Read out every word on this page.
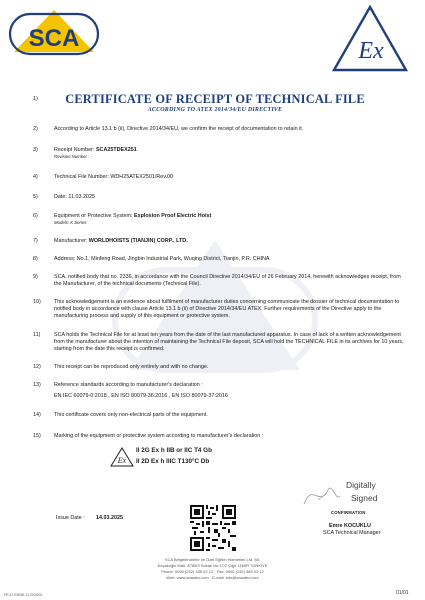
SCA	Ex
CERTIFICATE OF RECEIPT OF TECHNICAL FILE
ACCORDING TO ATEX 2014/34/EU DIRECTIVE
1)
2)	According to Article 13.1 b (ii), Directive 2014/34/EU, we confirm the receipt of documentation to retain it.
3)	Receipt Number: SCA25TDEX251
Revision Number : -
4)	Technical File Number: WDH25ATEX2501/Rev.00
5)	Date: 11.03.2025
6)	Equipment or Protective System: Explosion Proof Electric Hoist
Models: K Series
7)	Manufacturer: WORLDHOISTS (TIANJIN) CORP., LTD.
8)	Address: No.1, Minfeng Road, Jingbin Industrial Park, Wuqing District, Tianjin, P.R. CHINA
9)	SCA, notified body that no. 2336, in accordance with the Council Directive 2014/34/EU of 26 February 2014, herewith acknowledges receipt, from the Manufacturer, of the technical documents (Technical File).
10)	This acknowledgement is an evidence about fulfilment of manufacturer duties concerning communicate the dossier of technical documentation to notified body in accordance with clause Article 13.1 b (ii) of Directive 2014/34/EU ATEX. Further requirements of the Directive apply to the manufacturing process and supply of this equipment or protective system.
11)	SCA holds the Technical File for at least ten years from the date of the last manufactured apparatus. In case of lack of a written acknowledgement from the manufacturer about the intention of maintaining the Technical File deposit, SCA will hold the TECHNICAL FILE in its archives for 10 years, starting from the date this receipt is confirmed.
12)	This receipt can be reproduced only entirely and with no change.
13)	Reference standards according to manufacturer's declaration :
EN IEC 60079-0:2018 , EN ISO 80079-36:2016 , EN ISO 80079-37:2016
14)	This certificate covers only non-electrical parts of the equipment.
15)	Marking of the equipment or protective system according to manufacturer's declaration :
Ex
II 2G Ex h IIB or IIC T4 Gb
II 2D Ex h IIIC T130°C Db
Issue Date : 14.03.2025
Digitally
Signed
CONFIRMATION
Emre KOCUKLU
SCA Technical Manager
SCA Belgelendirme ve Özel Eğitim Hizmetleri Ltd. Şti.
Koçakoğlu Mah. 8785/3 Sokak No:17/2 Çiğli, İZMİR TÜRKİYE
Phone: 0090 (232) 489 02 12 · Fax: 0090 (232) 489 02 12
Web: www.scaatex.com · E-mail: info@scaatex.com
FR.47-EN/08, 11.2024/01	01/01
